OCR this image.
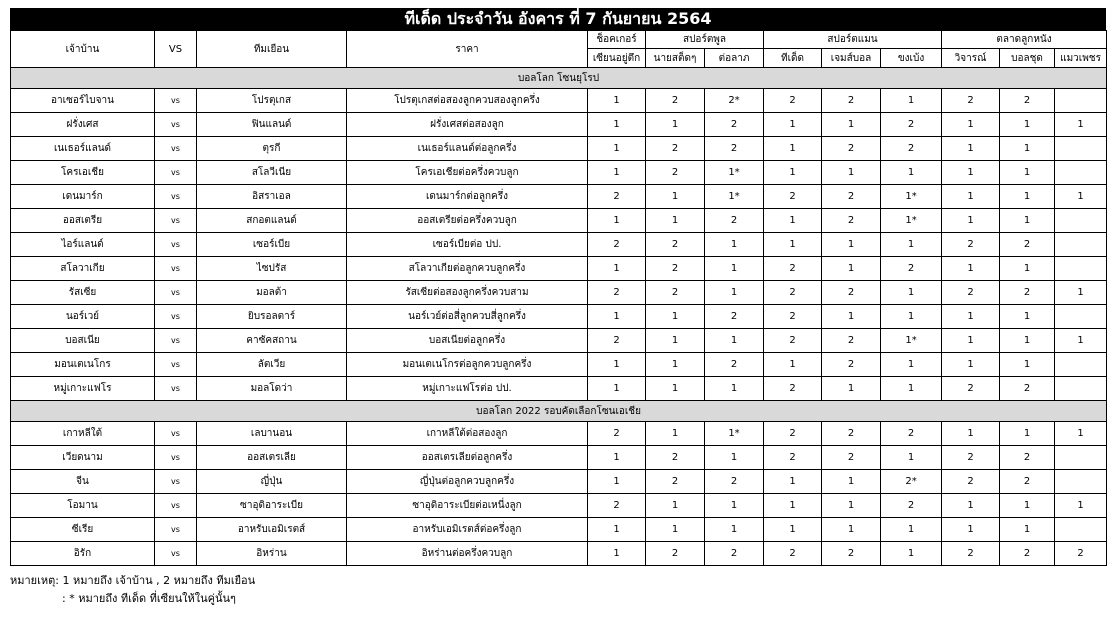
ทีเด็ด ประจำวัน อังคาร ที่ 7 กันยายน 2564
เจ้าบ้าน	VS	ทีมเยือน	ราคา	ช็อคเกอร์	สปอร์ตพูล		สปอร์ตแมน			ตลาดลูกหนัง		
				เซียนอยู่ตึก	นายสต็ดๆ	ต่อลาภ	ทีเด็ด	เจมส์บอล	ขงเบ้ง	วิจารณ์	บอลชุด	แมวเพชร
บอลโลก โซนยุโรป												
อาเซอร์ไบจาน	vs	โปรตุเกส	โปรตุเกสต่อสองลูกควบสองลูกครึ่ง	1	2	2*	2	2	1	2	2	
ฝรั่งเศส	vs	ฟินแลนด์	ฝรั่งเศสต่อสองลูก	1	1	2	1	1	2	1	1	1
เนเธอร์แลนด์	vs	ตุรกี	เนเธอร์แลนด์ต่อลูกครึ่ง	1	2	2	1	2	2	1	1	
โครเอเชีย	vs	สโลวีเนีย	โครเอเชียต่อครึ่งควบลูก	1	2	1*	1	1	1	1	1	
เดนมาร์ก	vs	อิสราเอล	เดนมาร์กต่อลูกครึ่ง	2	1	1*	2	2	1*	1	1	1
ออสเตรีย	vs	สกอตแลนด์	ออสเตรียต่อครึ่งควบลูก	1	1	2	1	2	1*	1	1	
ไอร์แลนด์	vs	เซอร์เบีย	เซอร์เบียต่อ ปป.	2	2	1	1	1	1	2	2	
สโลวาเกีย	vs	ไซปรัส	สโลวาเกียต่อลูกควบลูกครึ่ง	1	2	1	2	1	2	1	1	
รัสเซีย	vs	มอลต้า	รัสเซียต่อสองลูกครึ่งควบสาม	2	2	1	2	2	1	2	2	1
นอร์เวย์	vs	ยิบรอลตาร์	นอร์เวย์ต่อสี่ลูกควบสี่ลูกครึ่ง	1	1	2	2	1	1	1	1	
บอสเนีย	vs	คาซัคสถาน	บอสเนียต่อลูกครึ่ง	2	1	1	2	2	1*	1	1	1
มอนเตเนโกร	vs	ลัตเวีย	มอนเตเนโกรต่อลูกควบลูกครึ่ง	1	1	2	1	2	1	1	1	
หมู่เกาะแฟโร	vs	มอลโดว่า	หมู่เกาะแฟโรต่อ ปป.	1	1	1	2	1	1	2	2	
บอลโลก 2022 รอบคัดเลือกโซนเอเชีย												
เกาหลีใต้	vs	เลบานอน	เกาหลีใต้ต่อสองลูก	2	1	1*	2	2	2	1	1	1
เวียดนาม	vs	ออสเตรเลีย	ออสเตรเลียต่อลูกครึ่ง	1	2	1	2	2	1	2	2	
จีน	vs	ญี่ปุ่น	ญี่ปุ่นต่อลูกควบลูกครึ่ง	1	2	2	1	1	2*	2	2	
โอมาน	vs	ซาอุดิอาระเบีย	ซาอุดิอาระเบียต่อเหนี่งลูก	2	1	1	1	1	2	1	1	1
ซีเรีย	vs	อาหรับเอมิเรตส์	อาหรับเอมิเรตส์ต่อครึ่งลูก	1	1	1	1	1	1	1	1	
อิรัก	vs	อิหร่าน	อิหร่านต่อครึ่งควบลูก	1	2	2	2	2	1	2	2	2
หมายเหตุ: 1 หมายถึง เจ้าบ้าน , 2 หมายถึง ทีมเยือน
: * หมายถึง ทีเด็ด ที่เซียนให้ในคู่นั้นๆ
